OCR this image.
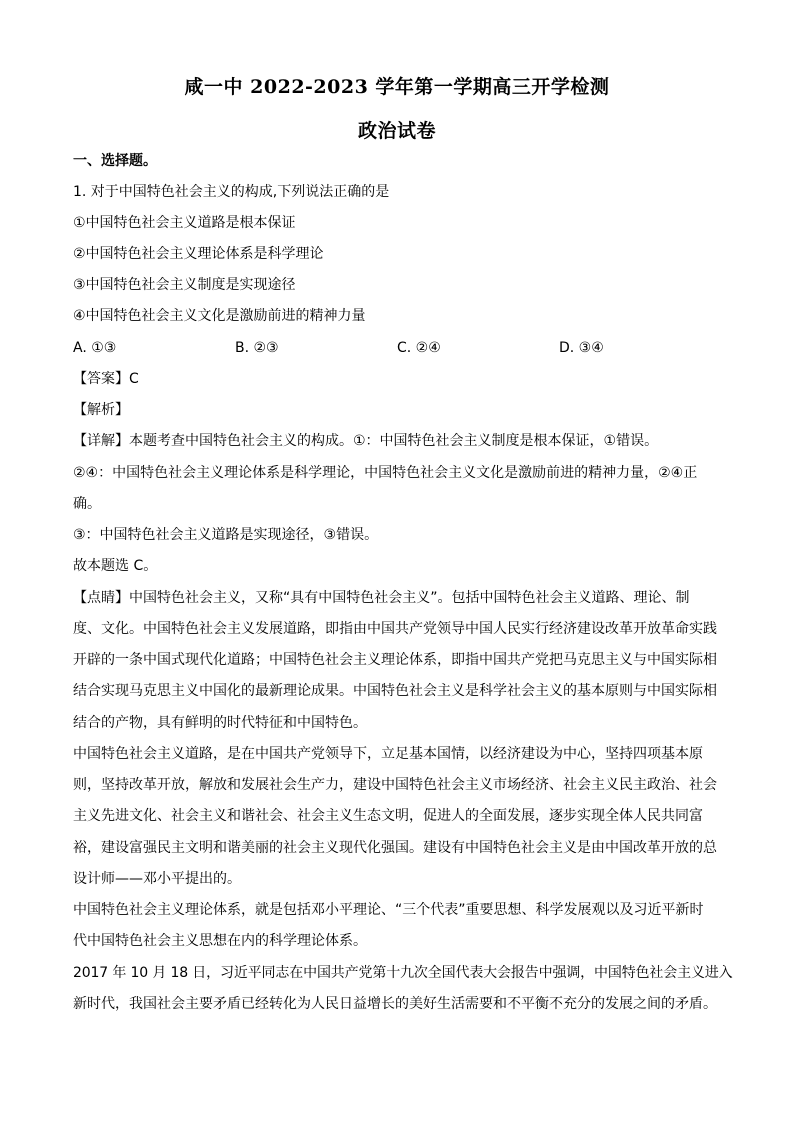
咸一中 2022-2023 学年第一学期高三开学检测
政治试卷
一、选择题。
1. 对于中国特色社会主义的构成,下列说法正确的是
①中国特色社会主义道路是根本保证
②中国特色社会主义理论体系是科学理论
③中国特色社会主义制度是实现途径
④中国特色社会主义文化是激励前进的精神力量
A. ①③	B. ②③	C. ②④	D. ③④
【答案】C
【解析】
【详解】本题考查中国特色社会主义的构成。①：中国特色社会主义制度是根本保证，①错误。
②④：中国特色社会主义理论体系是科学理论，中国特色社会主义文化是激励前进的精神力量，②④正
确。
③：中国特色社会主义道路是实现途径，③错误。
故本题选 C。
【点睛】中国特色社会主义，又称“具有中国特色社会主义”。包括中国特色社会主义道路、理论、制
度、文化。中国特色社会主义发展道路，即指由中国共产党领导中国人民实行经济建设改革开放革命实践
开辟的一条中国式现代化道路；中国特色社会主义理论体系，即指中国共产党把马克思主义与中国实际相
结合实现马克思主义中国化的最新理论成果。中国特色社会主义是科学社会主义的基本原则与中国实际相
结合的产物，具有鲜明的时代特征和中国特色。
中国特色社会主义道路，是在中国共产党领导下，立足基本国情，以经济建设为中心，坚持四项基本原
则，坚持改革开放，解放和发展社会生产力，建设中国特色社会主义市场经济、社会主义民主政治、社会
主义先进文化、社会主义和谐社会、社会主义生态文明，促进人的全面发展，逐步实现全体人民共同富
裕，建设富强民主文明和谐美丽的社会主义现代化强国。建设有中国特色社会主义是由中国改革开放的总
设计师——邓小平提出的。
中国特色社会主义理论体系，就是包括邓小平理论、“三个代表”重要思想、科学发展观以及习近平新时
代中国特色社会主义思想在内的科学理论体系。
2017 年 10 月 18 日，习近平同志在中国共产党第十九次全国代表大会报告中强调，中国特色社会主义进入
新时代，我国社会主要矛盾已经转化为人民日益增长的美好生活需要和不平衡不充分的发展之间的矛盾。
